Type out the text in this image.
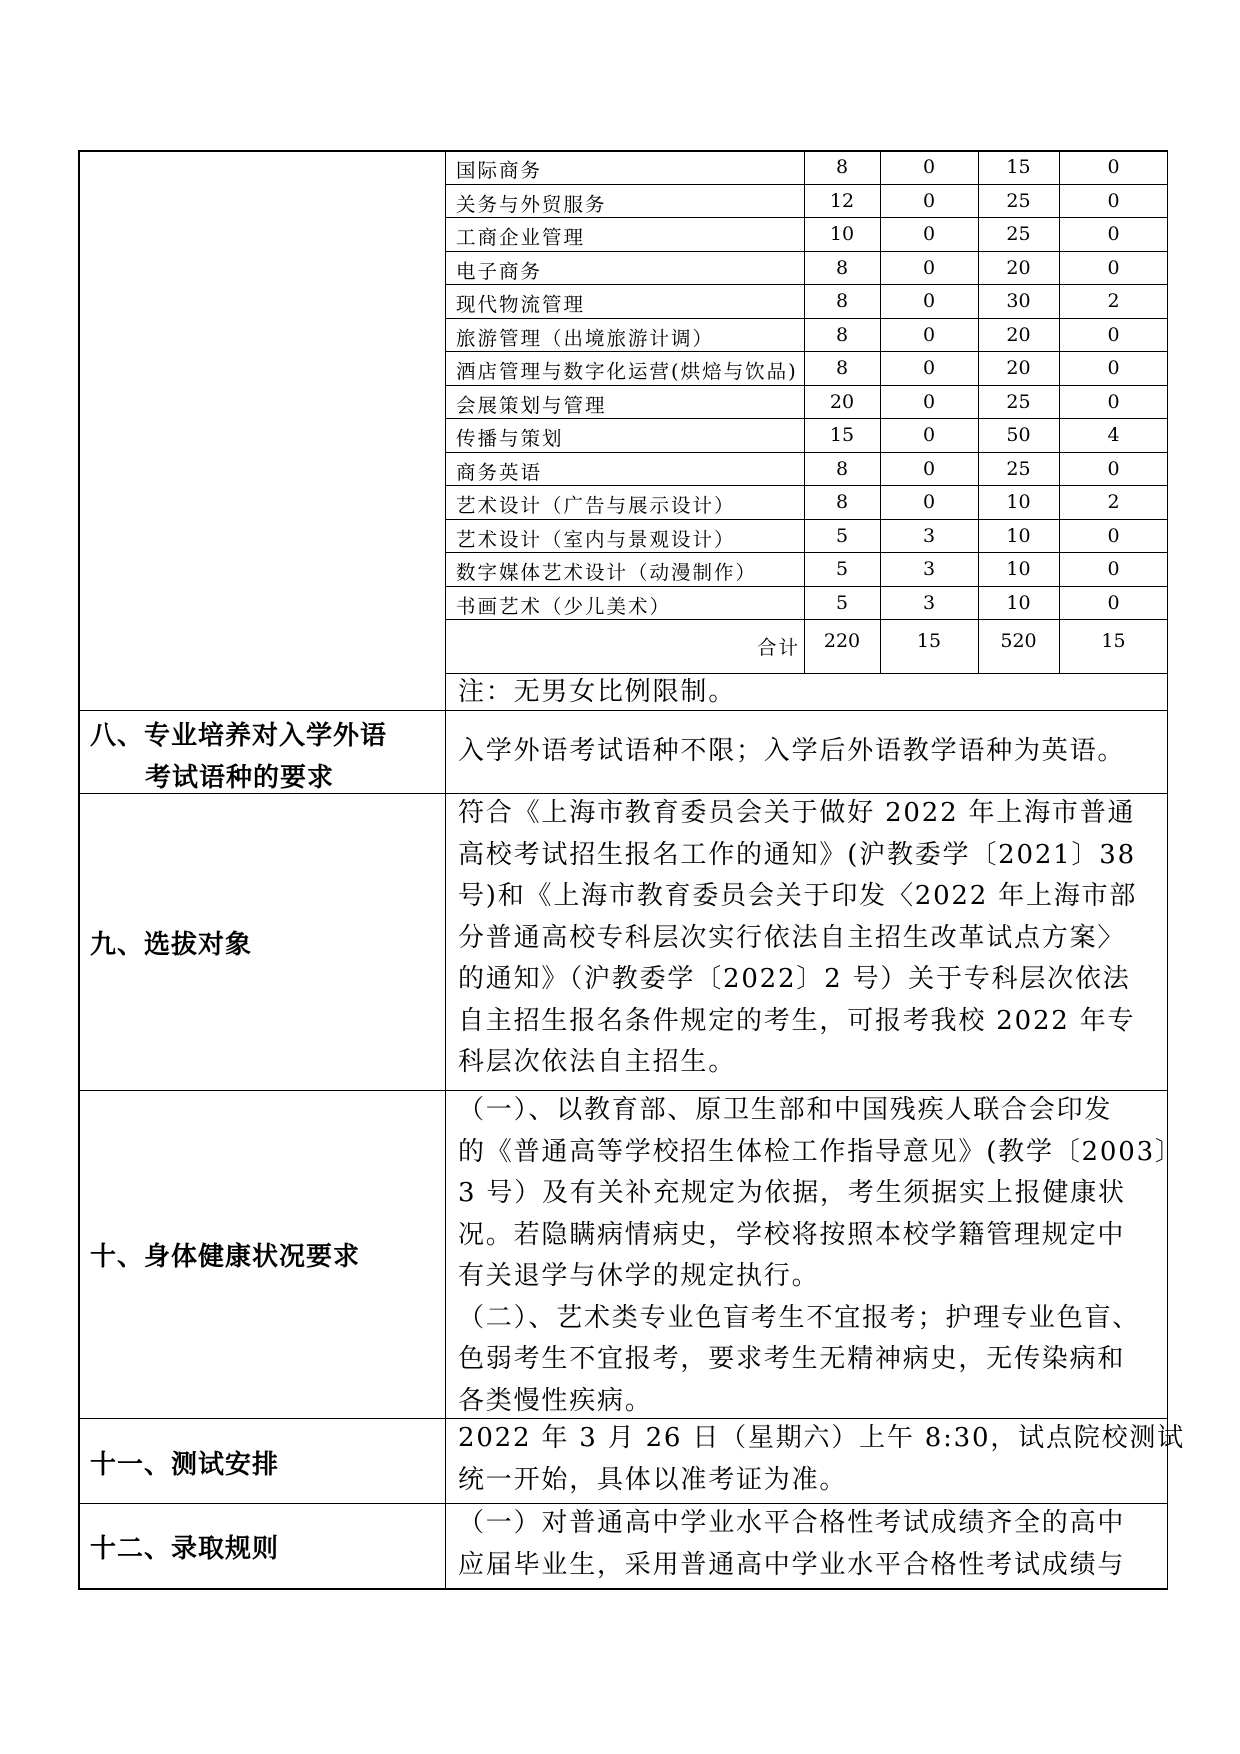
国际商务	8	0	15	0
关务与外贸服务	12	0	25	0
工商企业管理	10	0	25	0
电子商务	8	0	20	0
现代物流管理	8	0	30	2
旅游管理（出境旅游计调）	8	0	20	0
酒店管理与数字化运营(烘焙与饮品)	8	0	20	0
会展策划与管理	20	0	25	0
传播与策划	15	0	50	4
商务英语	8	0	25	0
艺术设计（广告与展示设计）	8	0	10	2
艺术设计（室内与景观设计）	5	3	10	0
数字媒体艺术设计（动漫制作）	5	3	10	0
书画艺术（少儿美术）	5	3	10	0
合计	220	15	520	15
注：无男女比例限制。
八、专业培养对入学外语
考试语种的要求
入学外语考试语种不限；入学后外语教学语种为英语。
九、选拔对象
符合《上海市教育委员会关于做好 2022 年上海市普通
高校考试招生报名工作的通知》(沪教委学〔2021〕38
号)和《上海市教育委员会关于印发〈2022 年上海市部
分普通高校专科层次实行依法自主招生改革试点方案〉
的通知》（沪教委学〔2022〕2 号）关于专科层次依法
自主招生报名条件规定的考生，可报考我校 2022 年专
科层次依法自主招生。
十、身体健康状况要求
（一）、以教育部、原卫生部和中国残疾人联合会印发
的《普通高等学校招生体检工作指导意见》(教学〔2003〕
3 号）及有关补充规定为依据，考生须据实上报健康状
况。若隐瞒病情病史，学校将按照本校学籍管理规定中
有关退学与休学的规定执行。
（二）、艺术类专业色盲考生不宜报考；护理专业色盲、
色弱考生不宜报考，要求考生无精神病史，无传染病和
各类慢性疾病。
十一、测试安排
2022 年 3 月 26 日（星期六）上午 8:30，试点院校测试
统一开始，具体以准考证为准。
十二、录取规则
（一）对普通高中学业水平合格性考试成绩齐全的高中
应届毕业生，采用普通高中学业水平合格性考试成绩与
